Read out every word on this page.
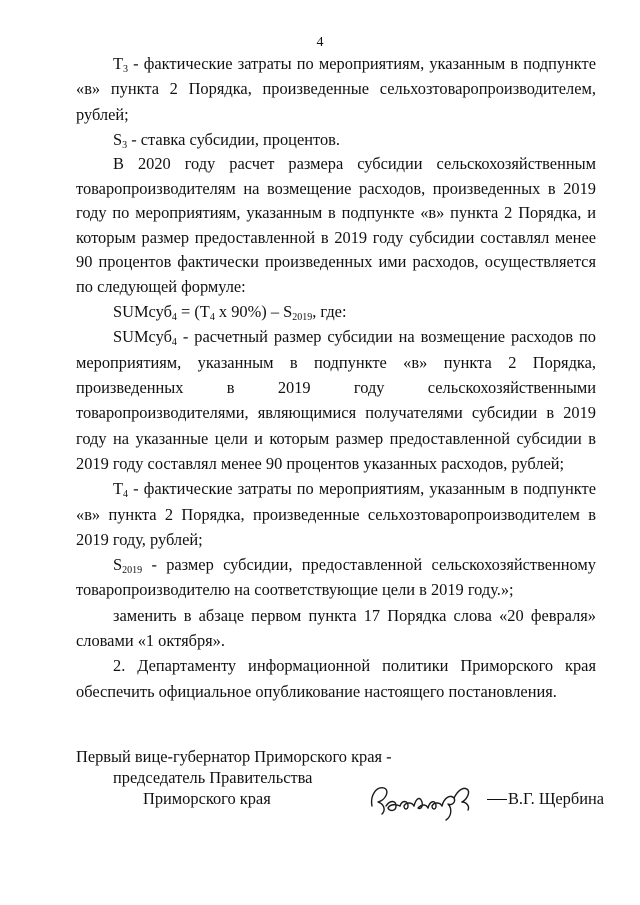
4

$Т_3$ - фактические затраты по мероприятиям, указанным в подпункте «в» пункта 2 Порядка, произведенные сельхозтоваропроизводителем, рублей;

$S_3$ - ставка субсидии, процентов.

В 2020 году расчет размера субсидии сельскохозяйственным товаропроизводителям на возмещение расходов, произведенных в 2019 году по мероприятиям, указанным в подпункте «в» пункта 2 Порядка, и которым размер предоставленной в 2019 году субсидии составлял менее 90 процентов фактически произведенных ими расходов, осуществляется по следующей формуле:

SUMсуб$_4$ = ($Т_4$ x $90\%) - S_{2019}$, где:

SUMсуб$_4$ - расчетный размер субсидии на возмещение расходов по мероприятиям, указанным в подпункте «в» пункта 2 Порядка, произведенных в 2019 году сельскохозяйственными товаропроизводителями, являющимися получателями субсидии в 2019 году на указанные цели и которым размер предоставленной субсидии в 2019 году составлял менее 90 процентов указанных расходов, рублей;

$Т_4$ - фактические затраты по мероприятиям, указанным в подпункте «в» пункта 2 Порядка, произведенные сельхозтоваропроизводителем в 2019 году, рублей;

$S_{2019}$ - размер субсидии, предоставленной сельскохозяйственному товаропроизводителю на соответствующие цели в 2019 году.»;

заменить в абзаце первом пункта 17 Порядка слова «20 февраля» словами «1 октября».

2. Департаменту информационной политики Приморского края обеспечить официальное опубликование настоящего постановления.

Первый вице-губернатор Приморского края -
председатель Правительства
Приморского края	В.Г. Щербина
